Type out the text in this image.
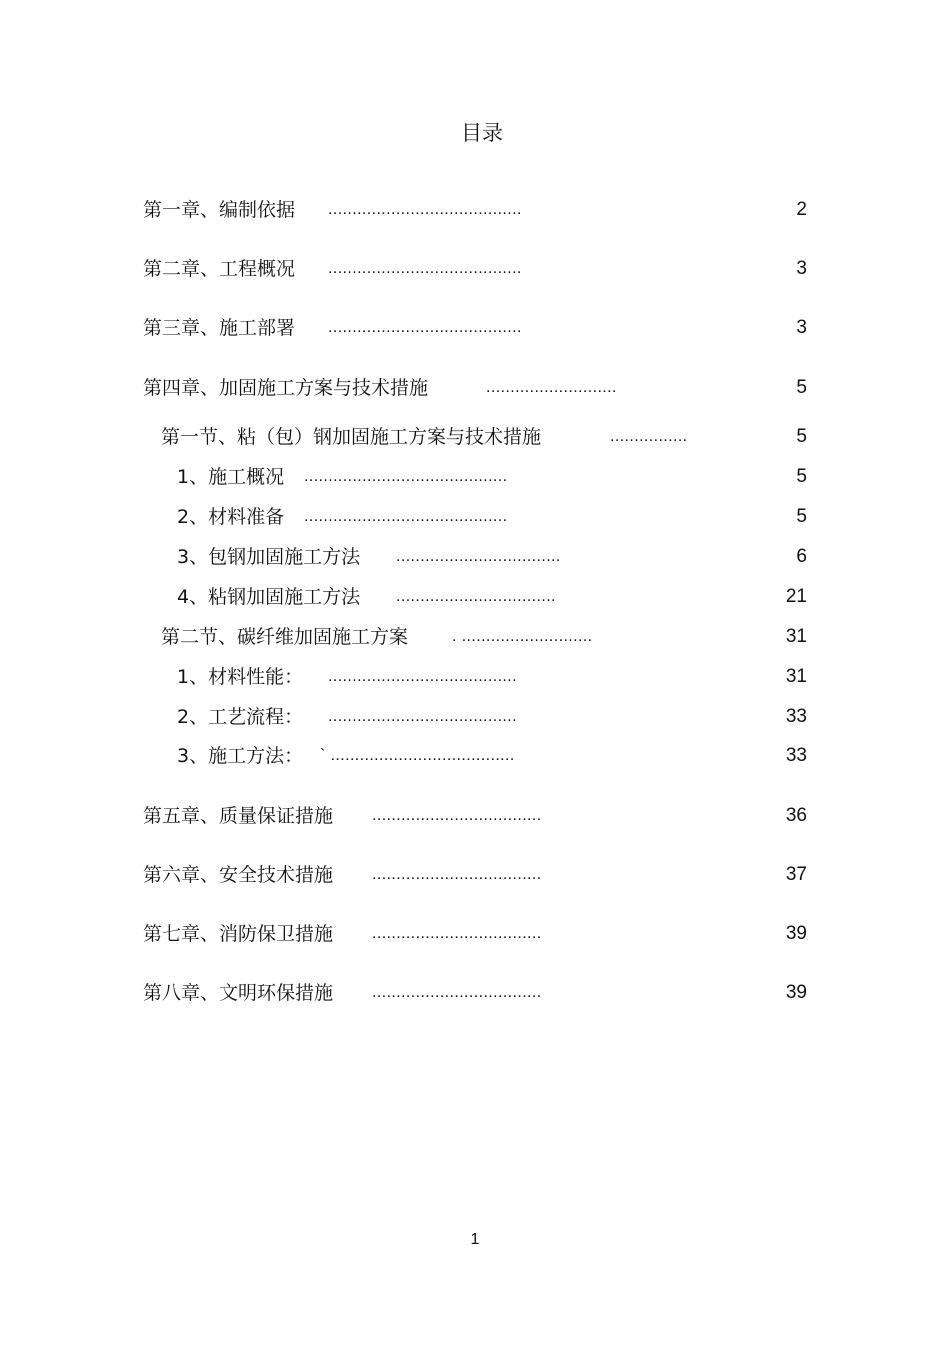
目录
第一章、编制依据 ........................................	2
第二章、工程概况 ........................................	3
第三章、施工部署 ........................................	3
第四章、加固施工方案与技术措施	...........................	5
第一节、粘（包）钢加固施工方案与技术措施	................	5
1、施工概况 ..........................................	5
2、材料准备 ..........................................	5
3、包钢加固施工方法 ..................................	6
4、粘钢加固施工方法 .................................	21
第二节、碳纤维加固施工方案	. ...........................	31
1、材料性能： .......................................	31
2、工艺流程： .......................................	33
3、施工方法： ` ......................................	33
第五章、质量保证措施 ...................................	36
第六章、安全技术措施 ...................................	37
第七章、消防保卫措施 ...................................	39
第八章、文明环保措施 ...................................	39
1
